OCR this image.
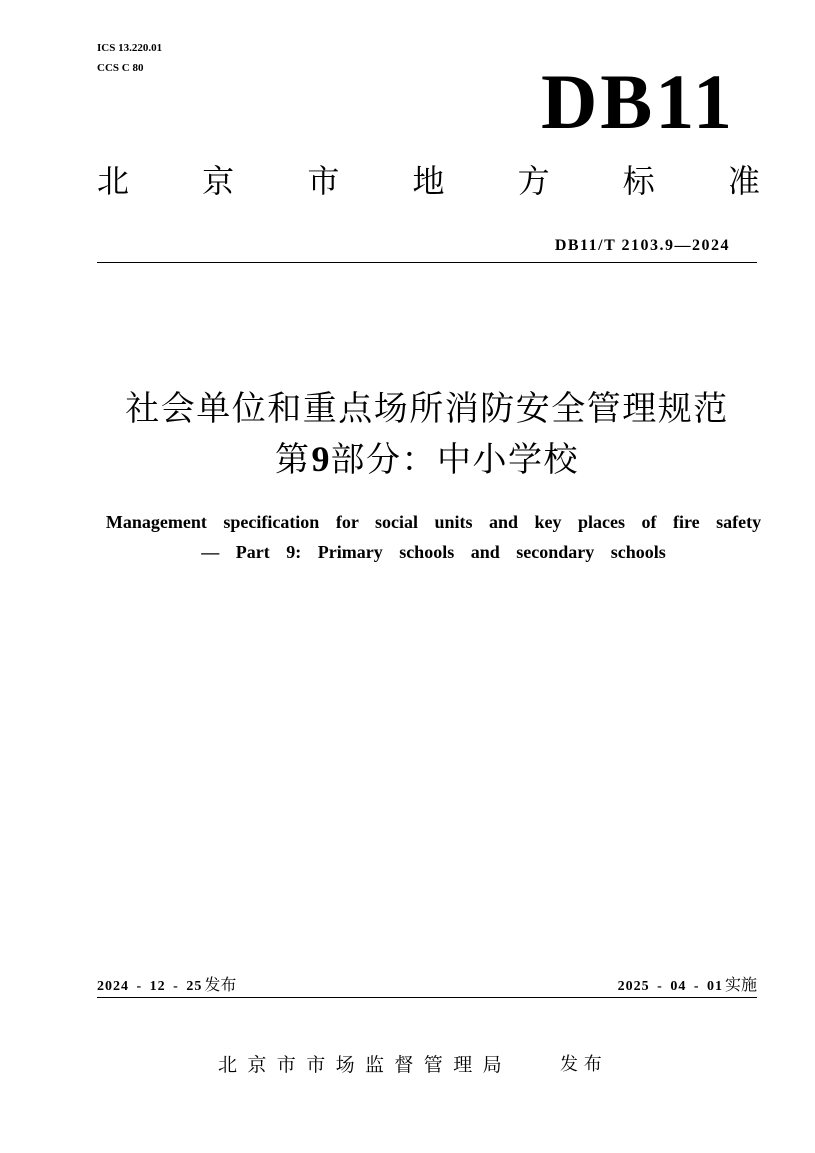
ICS 13.220.01
CCS C 80	DB11
北 京 市 地 方 标 准
DB11/T 2103.9—2024
社会单位和重点场所消防安全管理规范
第9部分：中小学校
Management specification for social units and key places of fire safety
— Part 9: Primary schools and secondary schools
2024 - 12 - 25 发布	2025 - 04 - 01 实施
北京市市场监督管理局	发 布
